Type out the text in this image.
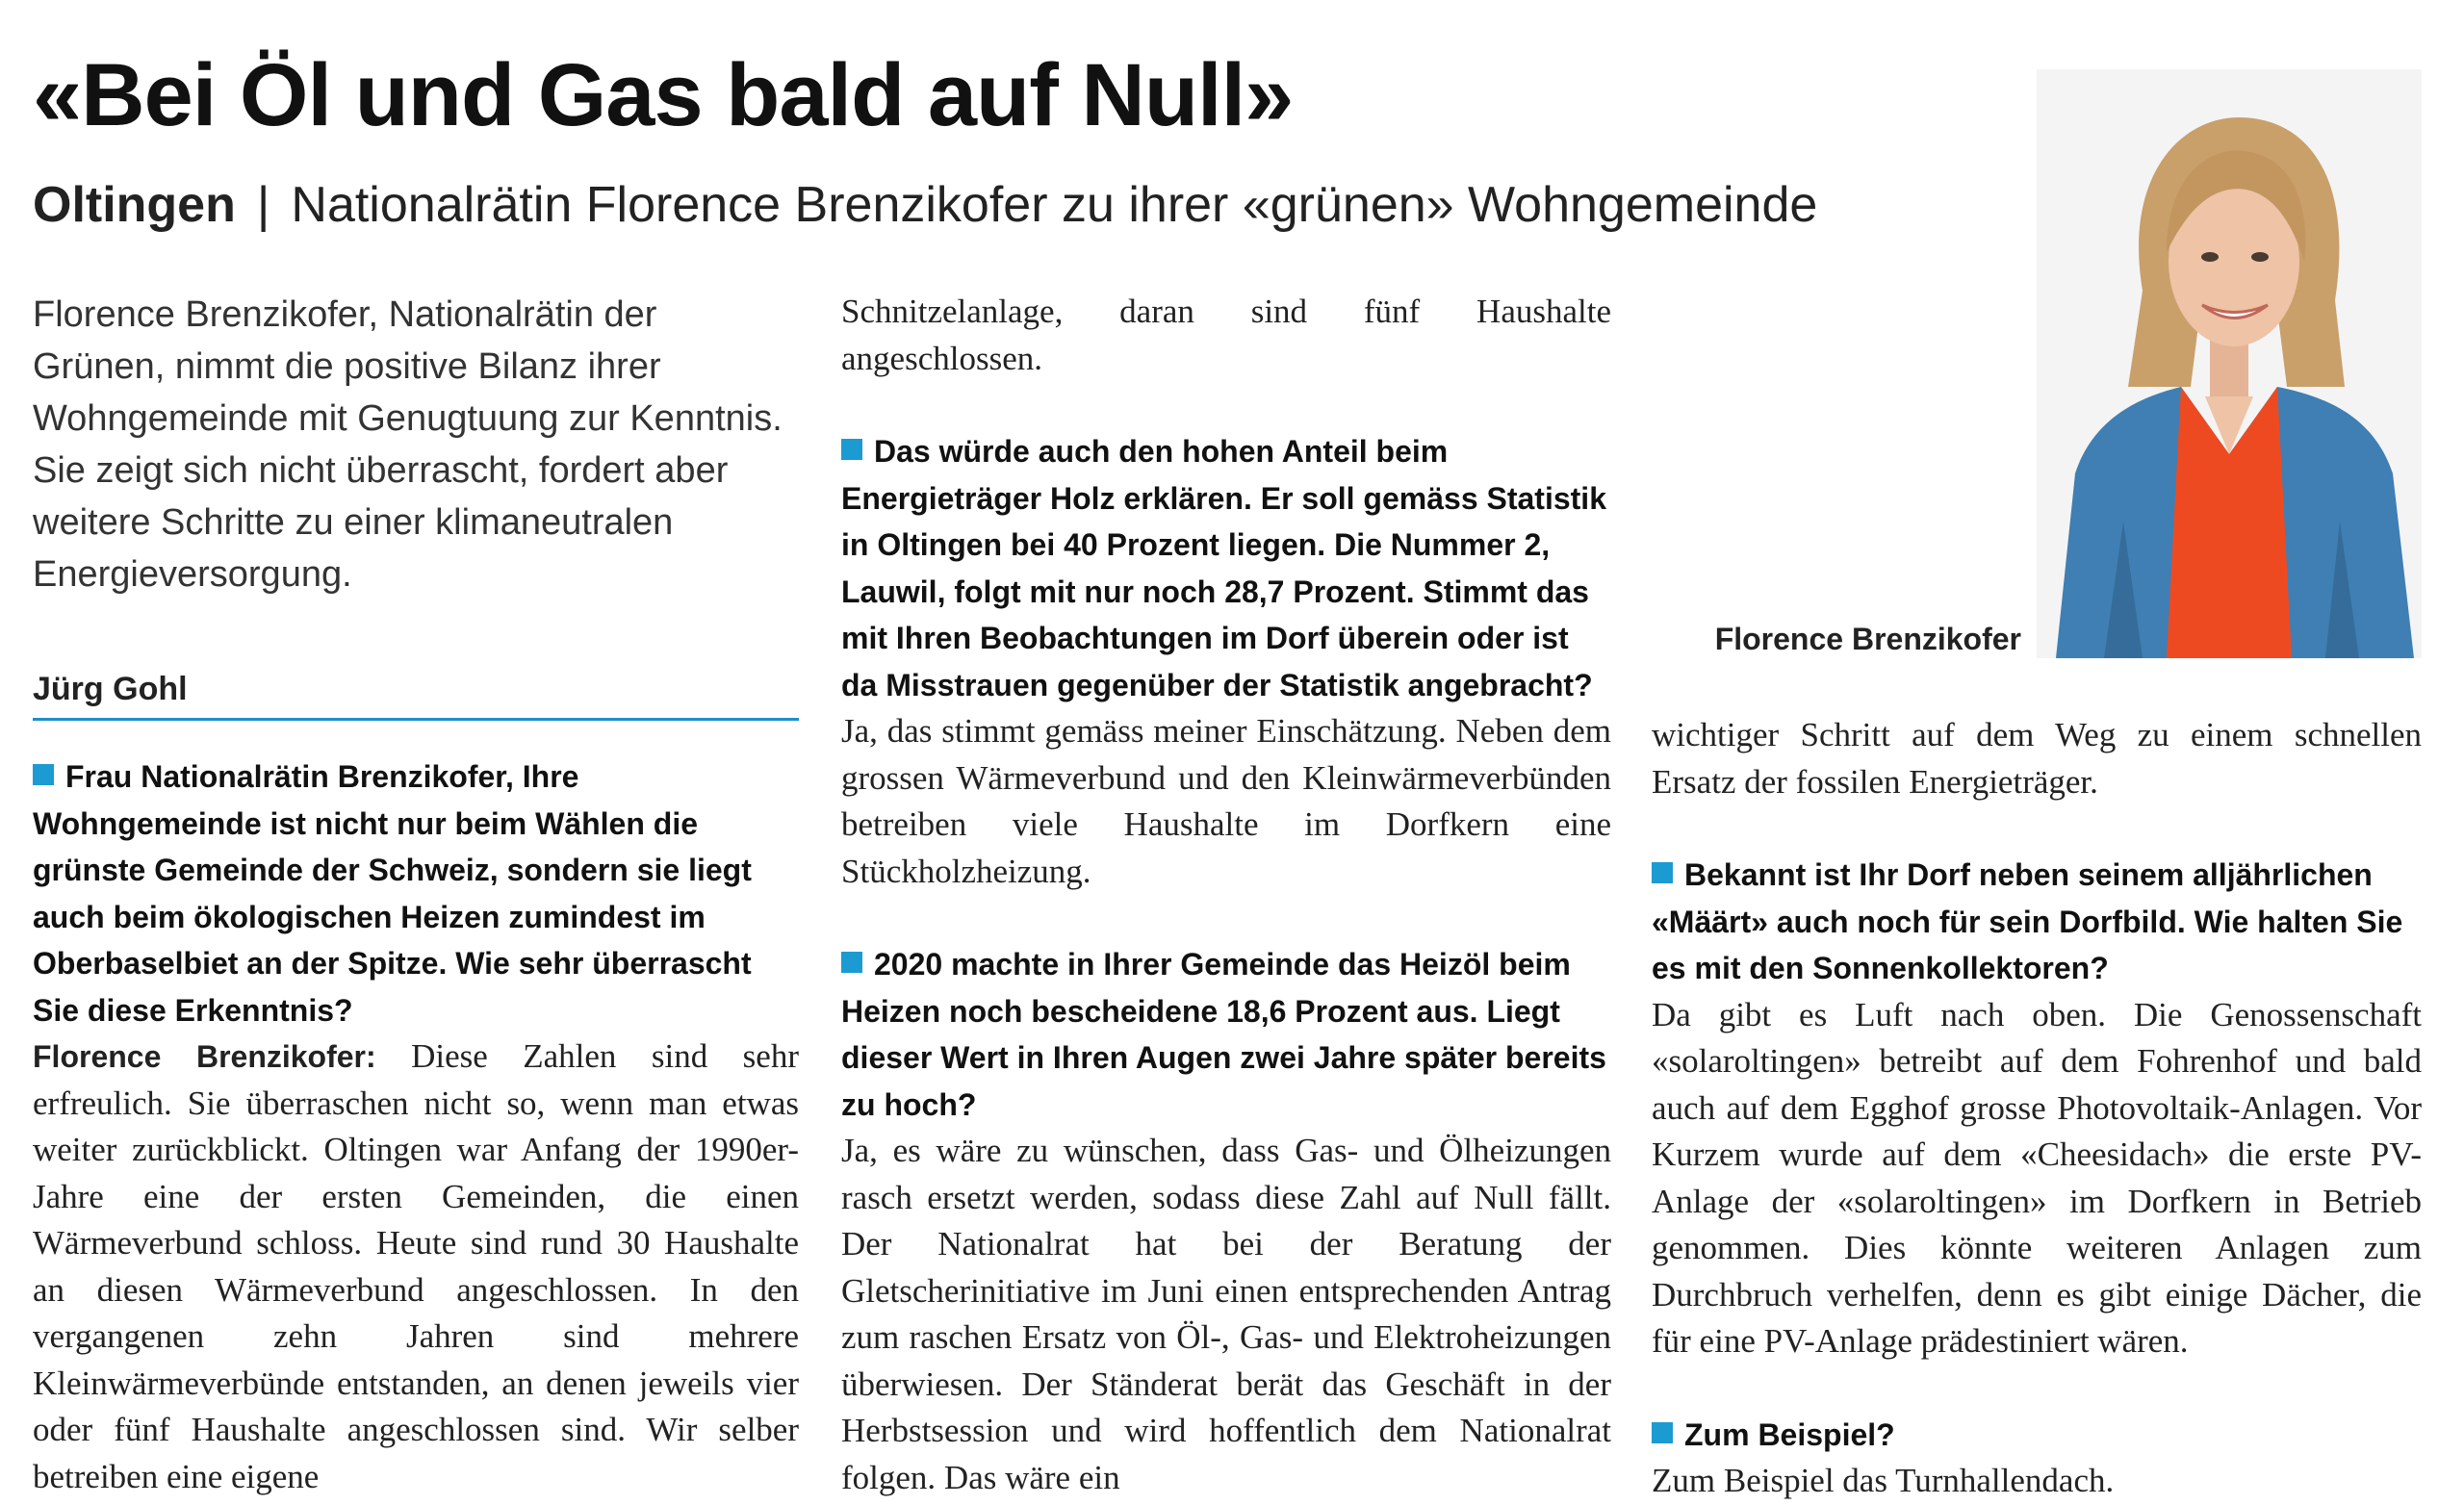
«Bei Öl und Gas bald auf Null»
Oltingen | Nationalrätin Florence Brenzikofer zu ihrer «grünen» Wohngemeinde

Florence Brenzikofer, Nationalrätin der Grünen, nimmt die positive Bilanz ihrer Wohngemeinde mit Genugtuung zur Kenntnis. Sie zeigt sich nicht überrascht, fordert aber weitere Schritte zu einer klimaneutralen Energieversorgung.

Jürg Gohl

Frau Nationalrätin Brenzikofer, Ihre Wohngemeinde ist nicht nur beim Wählen die grünste Gemeinde der Schweiz, sondern sie liegt auch beim ökologischen Heizen zumindest im Oberbaselbiet an der Spitze. Wie sehr überrascht Sie diese Erkenntnis?

Florence Brenzikofer: Diese Zahlen sind sehr erfreulich. Sie überraschen nicht so, wenn man etwas weiter zurückblickt. Oltingen war Anfang der 1990er-Jahre eine der ersten Gemeinden, die einen Wärmeverbund schloss. Heute sind rund 30 Haushalte an diesen Wärmeverbund angeschlossen. In den vergangenen zehn Jahren sind mehrere Kleinwärmeverbünde entstanden, an denen jeweils vier oder fünf Haushalte angeschlossen sind. Wir selber betreiben eine eigene

Schnitzelanlage, daran sind fünf Haushalte angeschlossen.

Das würde auch den hohen Anteil beim Energieträger Holz erklären. Er soll gemäss Statistik in Oltingen bei 40 Prozent liegen. Die Nummer 2, Lauwil, folgt mit nur noch 28,7 Prozent. Stimmt das mit Ihren Beobachtungen im Dorf überein oder ist da Misstrauen gegenüber der Statistik angebracht?

Ja, das stimmt gemäss meiner Einschätzung. Neben dem grossen Wärmeverbund und den Kleinwärmeverbünden betreiben viele Haushalte im Dorfkern eine Stückholzheizung.

2020 machte in Ihrer Gemeinde das Heizöl beim Heizen noch bescheidene 18,6 Prozent aus. Liegt dieser Wert in Ihren Augen zwei Jahre später bereits zu hoch?

Ja, es wäre zu wünschen, dass Gas- und Ölheizungen rasch ersetzt werden, sodass diese Zahl auf Null fällt. Der Nationalrat hat bei der Beratung der Gletscherinitiative im Juni einen entsprechenden Antrag zum raschen Ersatz von Öl-, Gas- und Elektroheizungen überwiesen. Der Ständerat berät das Geschäft in der Herbstsession und wird hoffentlich dem Nationalrat folgen. Das wäre ein

Florence Brenzikofer

wichtiger Schritt auf dem Weg zu einem schnellen Ersatz der fossilen Energieträger.

Bekannt ist Ihr Dorf neben seinem alljährlichen «Määrt» auch noch für sein Dorfbild. Wie halten Sie es mit den Sonnenkollektoren?

Da gibt es Luft nach oben. Die Genossenschaft «solaroltingen» betreibt auf dem Fohrenhof und bald auch auf dem Egghof grosse Photovoltaik-Anlagen. Vor Kurzem wurde auf dem «Cheesidach» die erste PV-Anlage der «solaroltingen» im Dorfkern in Betrieb genommen. Dies könnte weiteren Anlagen zum Durchbruch verhelfen, denn es gibt einige Dächer, die für eine PV-Anlage prädestiniert wären.

Zum Beispiel?

Zum Beispiel das Turnhallendach.
